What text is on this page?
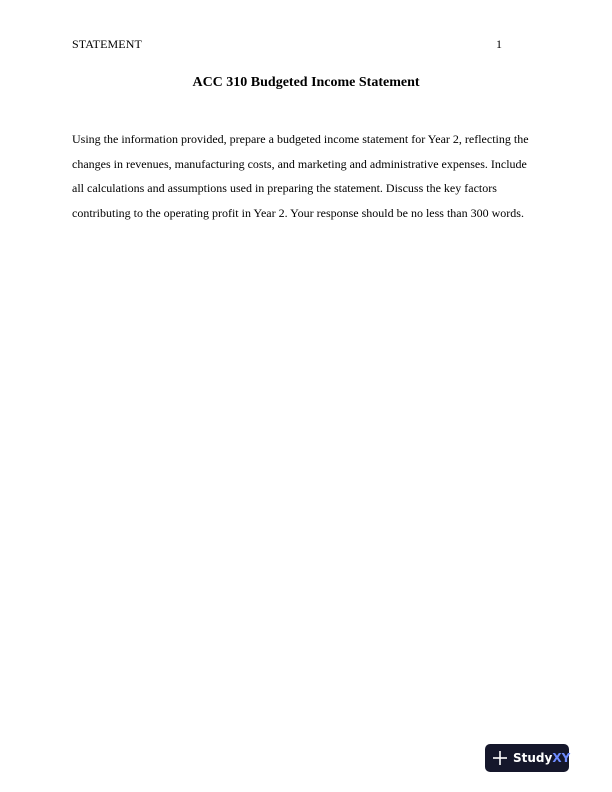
STATEMENT	1
ACC 310 Budgeted Income Statement
Using the information provided, prepare a budgeted income statement for Year 2, reflecting the
changes in revenues, manufacturing costs, and marketing and administrative expenses. Include
all calculations and assumptions used in preparing the statement. Discuss the key factors
contributing to the operating profit in Year 2. Your response should be no less than 300 words.
StudyXY
